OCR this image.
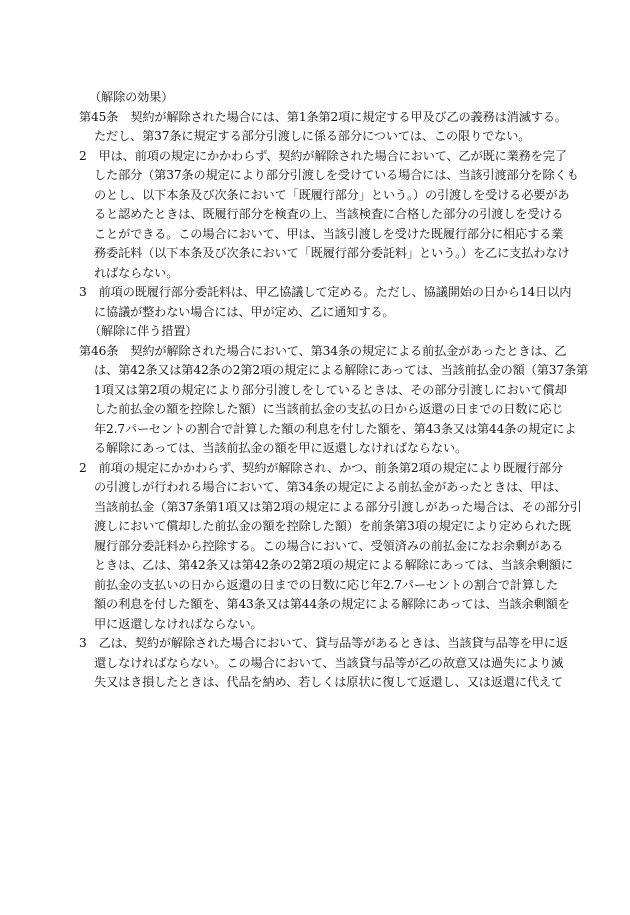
（解除の効果）
第45条　契約が解除された場合には、第1条第2項に規定する甲及び乙の義務は消滅する。
ただし、第37条に規定する部分引渡しに係る部分については、この限りでない。
2　甲は、前項の規定にかかわらず、契約が解除された場合において、乙が既に業務を完了
した部分（第37条の規定により部分引渡しを受けている場合には、当該引渡部分を除くも
のとし、以下本条及び次条において「既履行部分」という。）の引渡しを受ける必要があ
ると認めたときは、既履行部分を検査の上、当該検査に合格した部分の引渡しを受ける
ことができる。この場合において、甲は、当該引渡しを受けた既履行部分に相応する業
務委託料（以下本条及び次条において「既履行部分委託料」という。）を乙に支払わなけ
ればならない。
3　前項の既履行部分委託料は、甲乙協議して定める。ただし、協議開始の日から14日以内
に協議が整わない場合には、甲が定め、乙に通知する。
（解除に伴う措置）
第46条　契約が解除された場合において、第34条の規定による前払金があったときは、乙
は、第42条又は第42条の2第2項の規定による解除にあっては、当該前払金の額（第37条第
1項又は第2項の規定により部分引渡しをしているときは、その部分引渡しにおいて償却
した前払金の額を控除した額）に当該前払金の支払の日から返還の日までの日数に応じ
年2.7パーセントの割合で計算した額の利息を付した額を、第43条又は第44条の規定によ
る解除にあっては、当該前払金の額を甲に返還しなければならない。
2　前項の規定にかかわらず、契約が解除され、かつ、前条第2項の規定により既履行部分
の引渡しが行われる場合において、第34条の規定による前払金があったときは、甲は、
当該前払金（第37条第1項又は第2項の規定による部分引渡しがあった場合は、その部分引
渡しにおいて償却した前払金の額を控除した額）を前条第3項の規定により定められた既
履行部分委託料から控除する。この場合において、受領済みの前払金になお余剰がある
ときは、乙は、第42条又は第42条の2第2項の規定による解除にあっては、当該余剰額に
前払金の支払いの日から返還の日までの日数に応じ年2.7パーセントの割合で計算した
額の利息を付した額を、第43条又は第44条の規定による解除にあっては、当該余剰額を
甲に返還しなければならない。
3　乙は、契約が解除された場合において、貸与品等があるときは、当該貸与品等を甲に返
還しなければならない。この場合において、当該貸与品等が乙の故意又は過失により滅
失又はき損したときは、代品を納め、若しくは原状に復して返還し、又は返還に代えて
